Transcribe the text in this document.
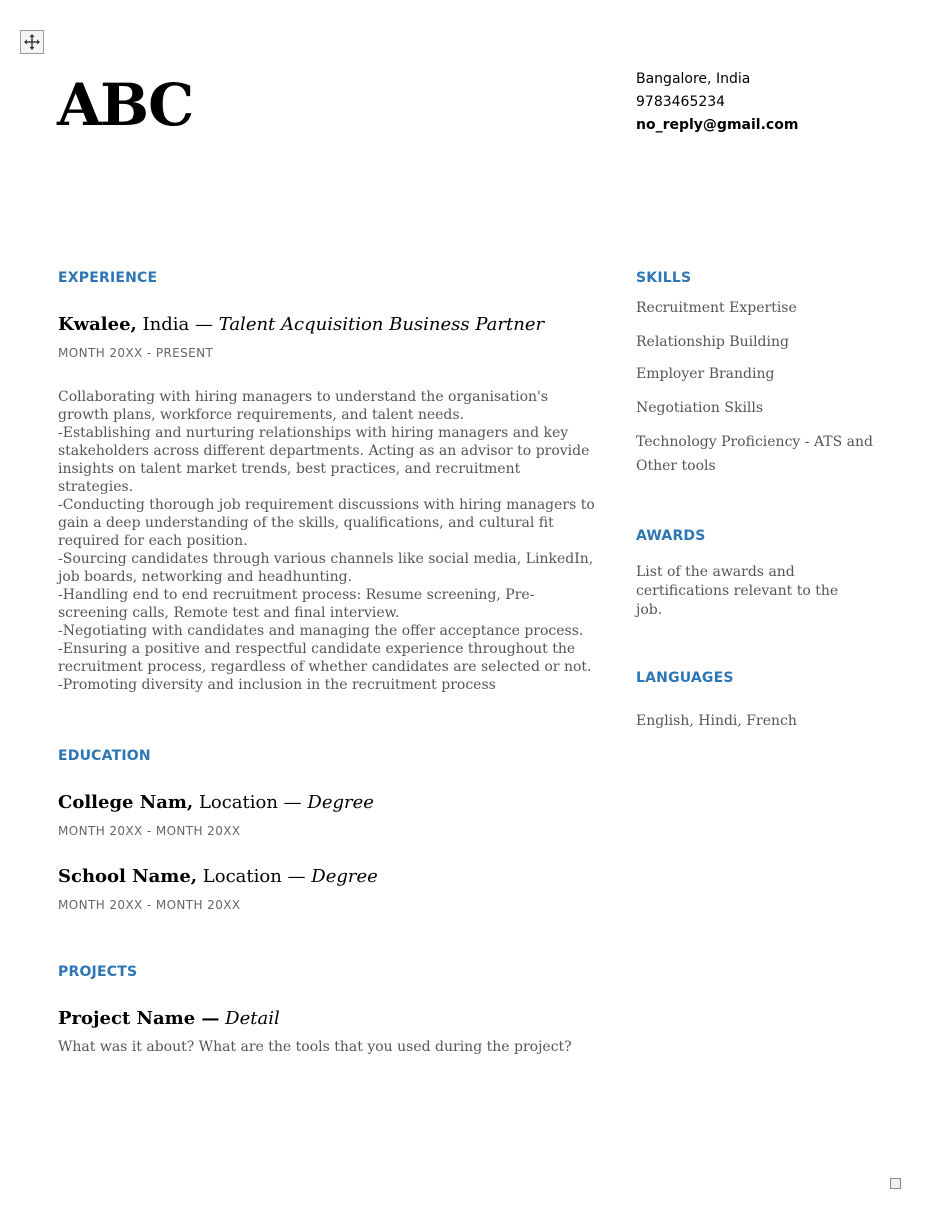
ABC	Bangalore, India
9783465234
no_reply@gmail.com
EXPERIENCE
Kwalee, India — Talent Acquisition Business Partner
MONTH 20XX - PRESENT
Collaborating with hiring managers to understand the organisation's growth plans, workforce requirements, and talent needs.
-Establishing and nurturing relationships with hiring managers and key stakeholders across different departments. Acting as an advisor to provide insights on talent market trends, best practices, and recruitment strategies.
-Conducting thorough job requirement discussions with hiring managers to gain a deep understanding of the skills, qualifications, and cultural fit required for each position.
-Sourcing candidates through various channels like social media, LinkedIn, job boards, networking and headhunting.
-Handling end to end recruitment process: Resume screening, Pre-screening calls, Remote test and final interview.
-Negotiating with candidates and managing the offer acceptance process.
-Ensuring a positive and respectful candidate experience throughout the recruitment process, regardless of whether candidates are selected or not.
-Promoting diversity and inclusion in the recruitment process
EDUCATION
College Nam, Location — Degree
MONTH 20XX - MONTH 20XX
School Name, Location — Degree
MONTH 20XX - MONTH 20XX
PROJECTS
Project Name — Detail
What was it about? What are the tools that you used during the project?
SKILLS
Recruitment Expertise
Relationship Building
Employer Branding
Negotiation Skills
Technology Proficiency - ATS and Other tools
AWARDS
List of the awards and certifications relevant to the job.
LANGUAGES
English, Hindi, French
